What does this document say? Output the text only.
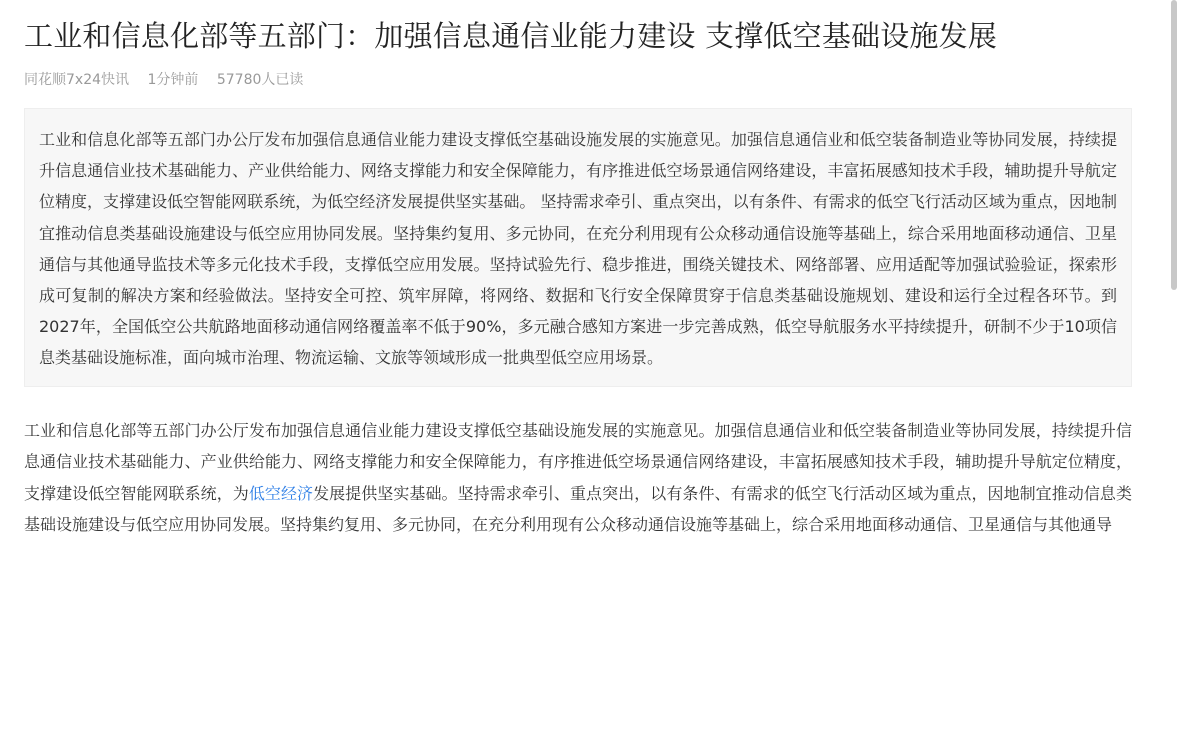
工业和信息化部等五部门：加强信息通信业能力建设 支撑低空基础设施发展
同花顺7x24快讯 1分钟前 57780人已读
工业和信息化部等五部门办公厅发布加强信息通信业能力建设支撑低空基础设施发展的实施意见。加强信息通信业和低空装备制造业等协同发展，持续提升信息通信业技术基础能力、产业供给能力、网络支撑能力和安全保障能力，有序推进低空场景通信网络建设，丰富拓展感知技术手段，辅助提升导航定位精度，支撑建设低空智能网联系统，为低空经济发展提供坚实基础。 坚持需求牵引、重点突出，以有条件、有需求的低空飞行活动区域为重点，因地制宜推动信息类基础设施建设与低空应用协同发展。坚持集约复用、多元协同，在充分利用现有公众移动通信设施等基础上，综合采用地面移动通信、卫星通信与其他通导监技术等多元化技术手段，支撑低空应用发展。坚持试验先行、稳步推进，围绕关键技术、网络部署、应用适配等加强试验验证，探索形成可复制的解决方案和经验做法。坚持安全可控、筑牢屏障，将网络、数据和飞行安全保障贯穿于信息类基础设施规划、建设和运行全过程各环节。到2027年，全国低空公共航路地面移动通信网络覆盖率不低于90%，多元融合感知方案进一步完善成熟，低空导航服务水平持续提升，研制不少于10项信息类基础设施标准，面向城市治理、物流运输、文旅等领域形成一批典型低空应用场景。
工业和信息化部等五部门办公厅发布加强信息通信业能力建设支撑低空基础设施发展的实施意见。加强信息通信业和低空装备制造业等协同发展，持续提升信息通信业技术基础能力、产业供给能力、网络支撑能力和安全保障能力，有序推进低空场景通信网络建设，丰富拓展感知技术手段，辅助提升导航定位精度，支撑建设低空智能网联系统，为低空经济发展提供坚实基础。坚持需求牵引、重点突出，以有条件、有需求的低空飞行活动区域为重点，因地制宜推动信息类基础设施建设与低空应用协同发展。坚持集约复用、多元协同，在充分利用现有公众移动通信设施等基础上，综合采用地面移动通信、卫星通信与其他通导
